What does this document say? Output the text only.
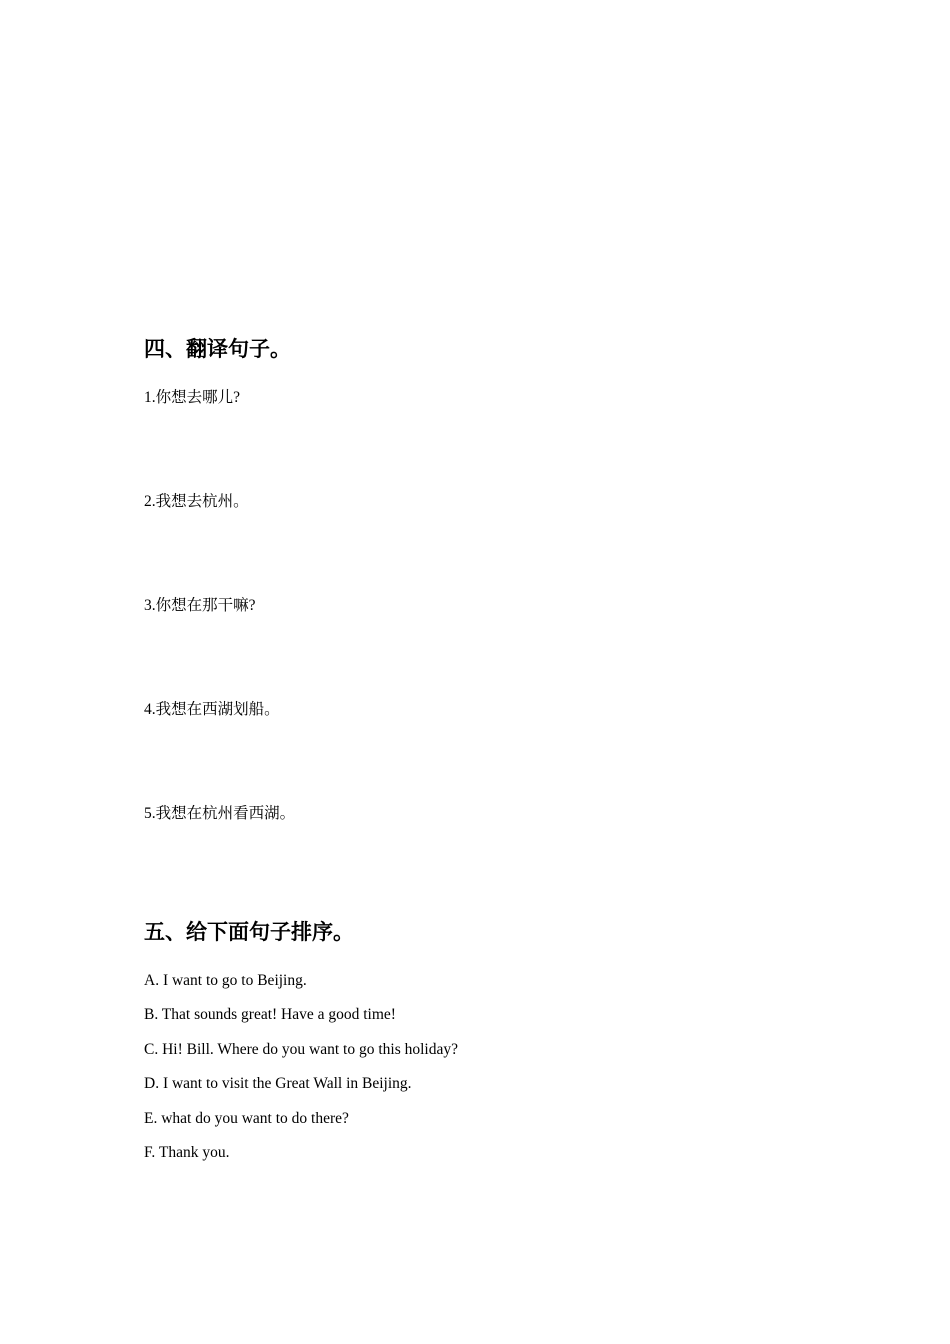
四、翻译句子。
1.你想去哪儿?
2.我想去杭州。
3.你想在那干嘛?
4.我想在西湖划船。
5.我想在杭州看西湖。
五、给下面句子排序。
A. I want to go to Beijing.
B. That sounds great! Have a good time!
C. Hi! Bill. Where do you want to go this holiday?
D. I want to visit the Great Wall in Beijing.
E. what do you want to do there?
F. Thank you.
